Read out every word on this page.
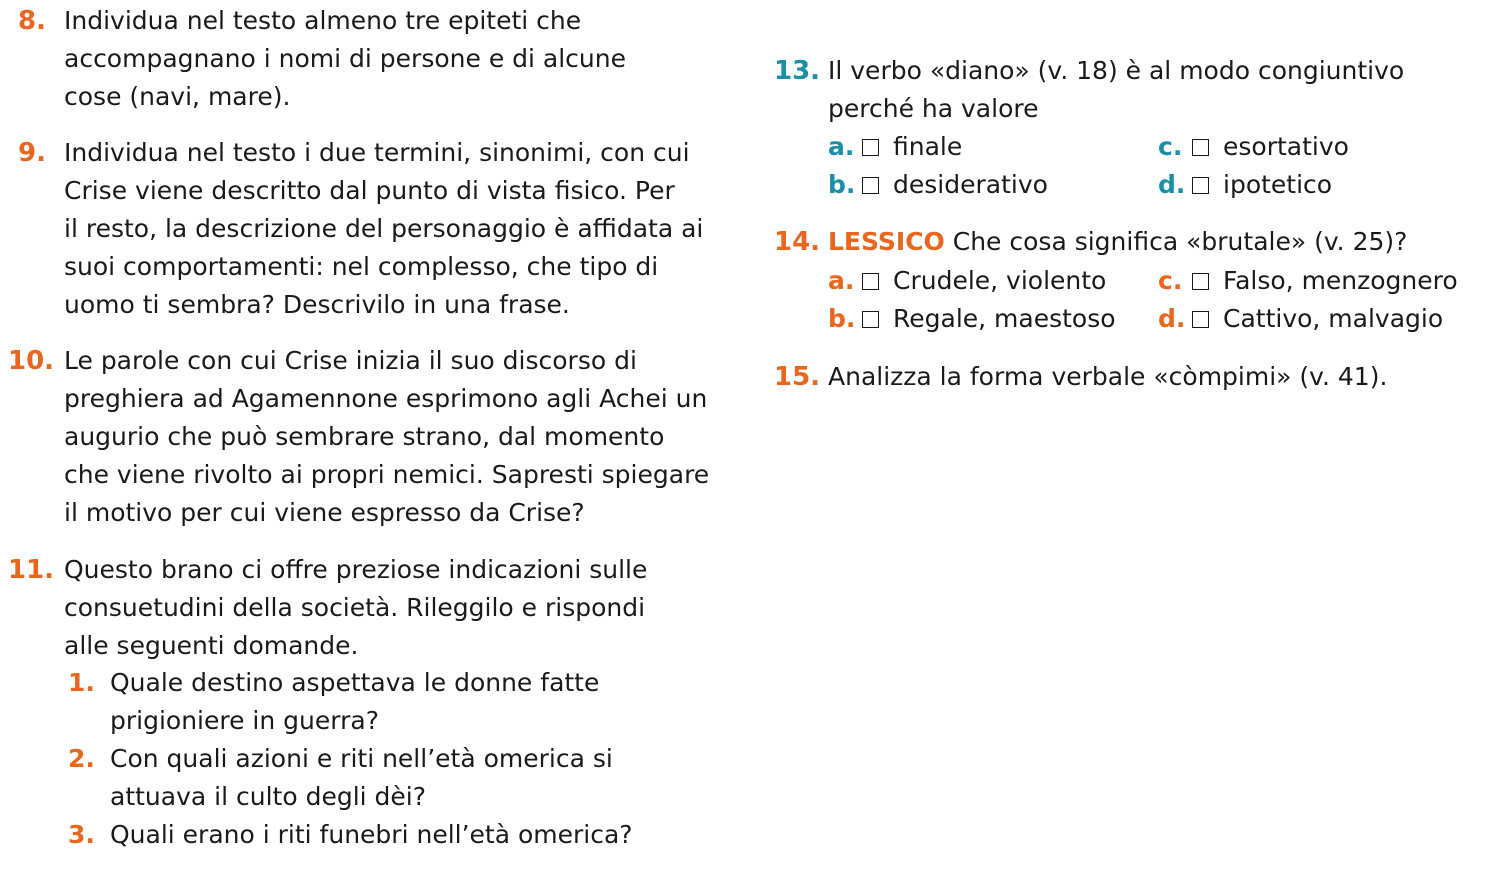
8. Individua nel testo almeno tre epiteti che
accompagnano i nomi di persone e di alcune
cose (navi, mare).
9. Individua nel testo i due termini, sinonimi, con cui
Crise viene descritto dal punto di vista fisico. Per
il resto, la descrizione del personaggio è affidata ai
suoi comportamenti: nel complesso, che tipo di
uomo ti sembra? Descrivilo in una frase.
10. Le parole con cui Crise inizia il suo discorso di
preghiera ad Agamennone esprimono agli Achei un
augurio che può sembrare strano, dal momento
che viene rivolto ai propri nemici. Sapresti spiegare
il motivo per cui viene espresso da Crise?
11. Questo brano ci offre preziose indicazioni sulle
consuetudini della società. Rileggilo e rispondi
alle seguenti domande.
1. Quale destino aspettava le donne fatte
prigioniere in guerra?
2. Con quali azioni e riti nell’età omerica si
attuava il culto degli dèi?
3. Quali erano i riti funebri nell’età omerica?
13. Il verbo «diano» (v. 18) è al modo congiuntivo
perché ha valore
a. finale
b. desiderativo
c. esortativo
d. ipotetico
14. LESSICO Che cosa significa «brutale» (v. 25)?
a. Crudele, violento
b. Regale, maestoso
c. Falso, menzognero
d. Cattivo, malvagio
15. Analizza la forma verbale «còmpimi» (v. 41).
